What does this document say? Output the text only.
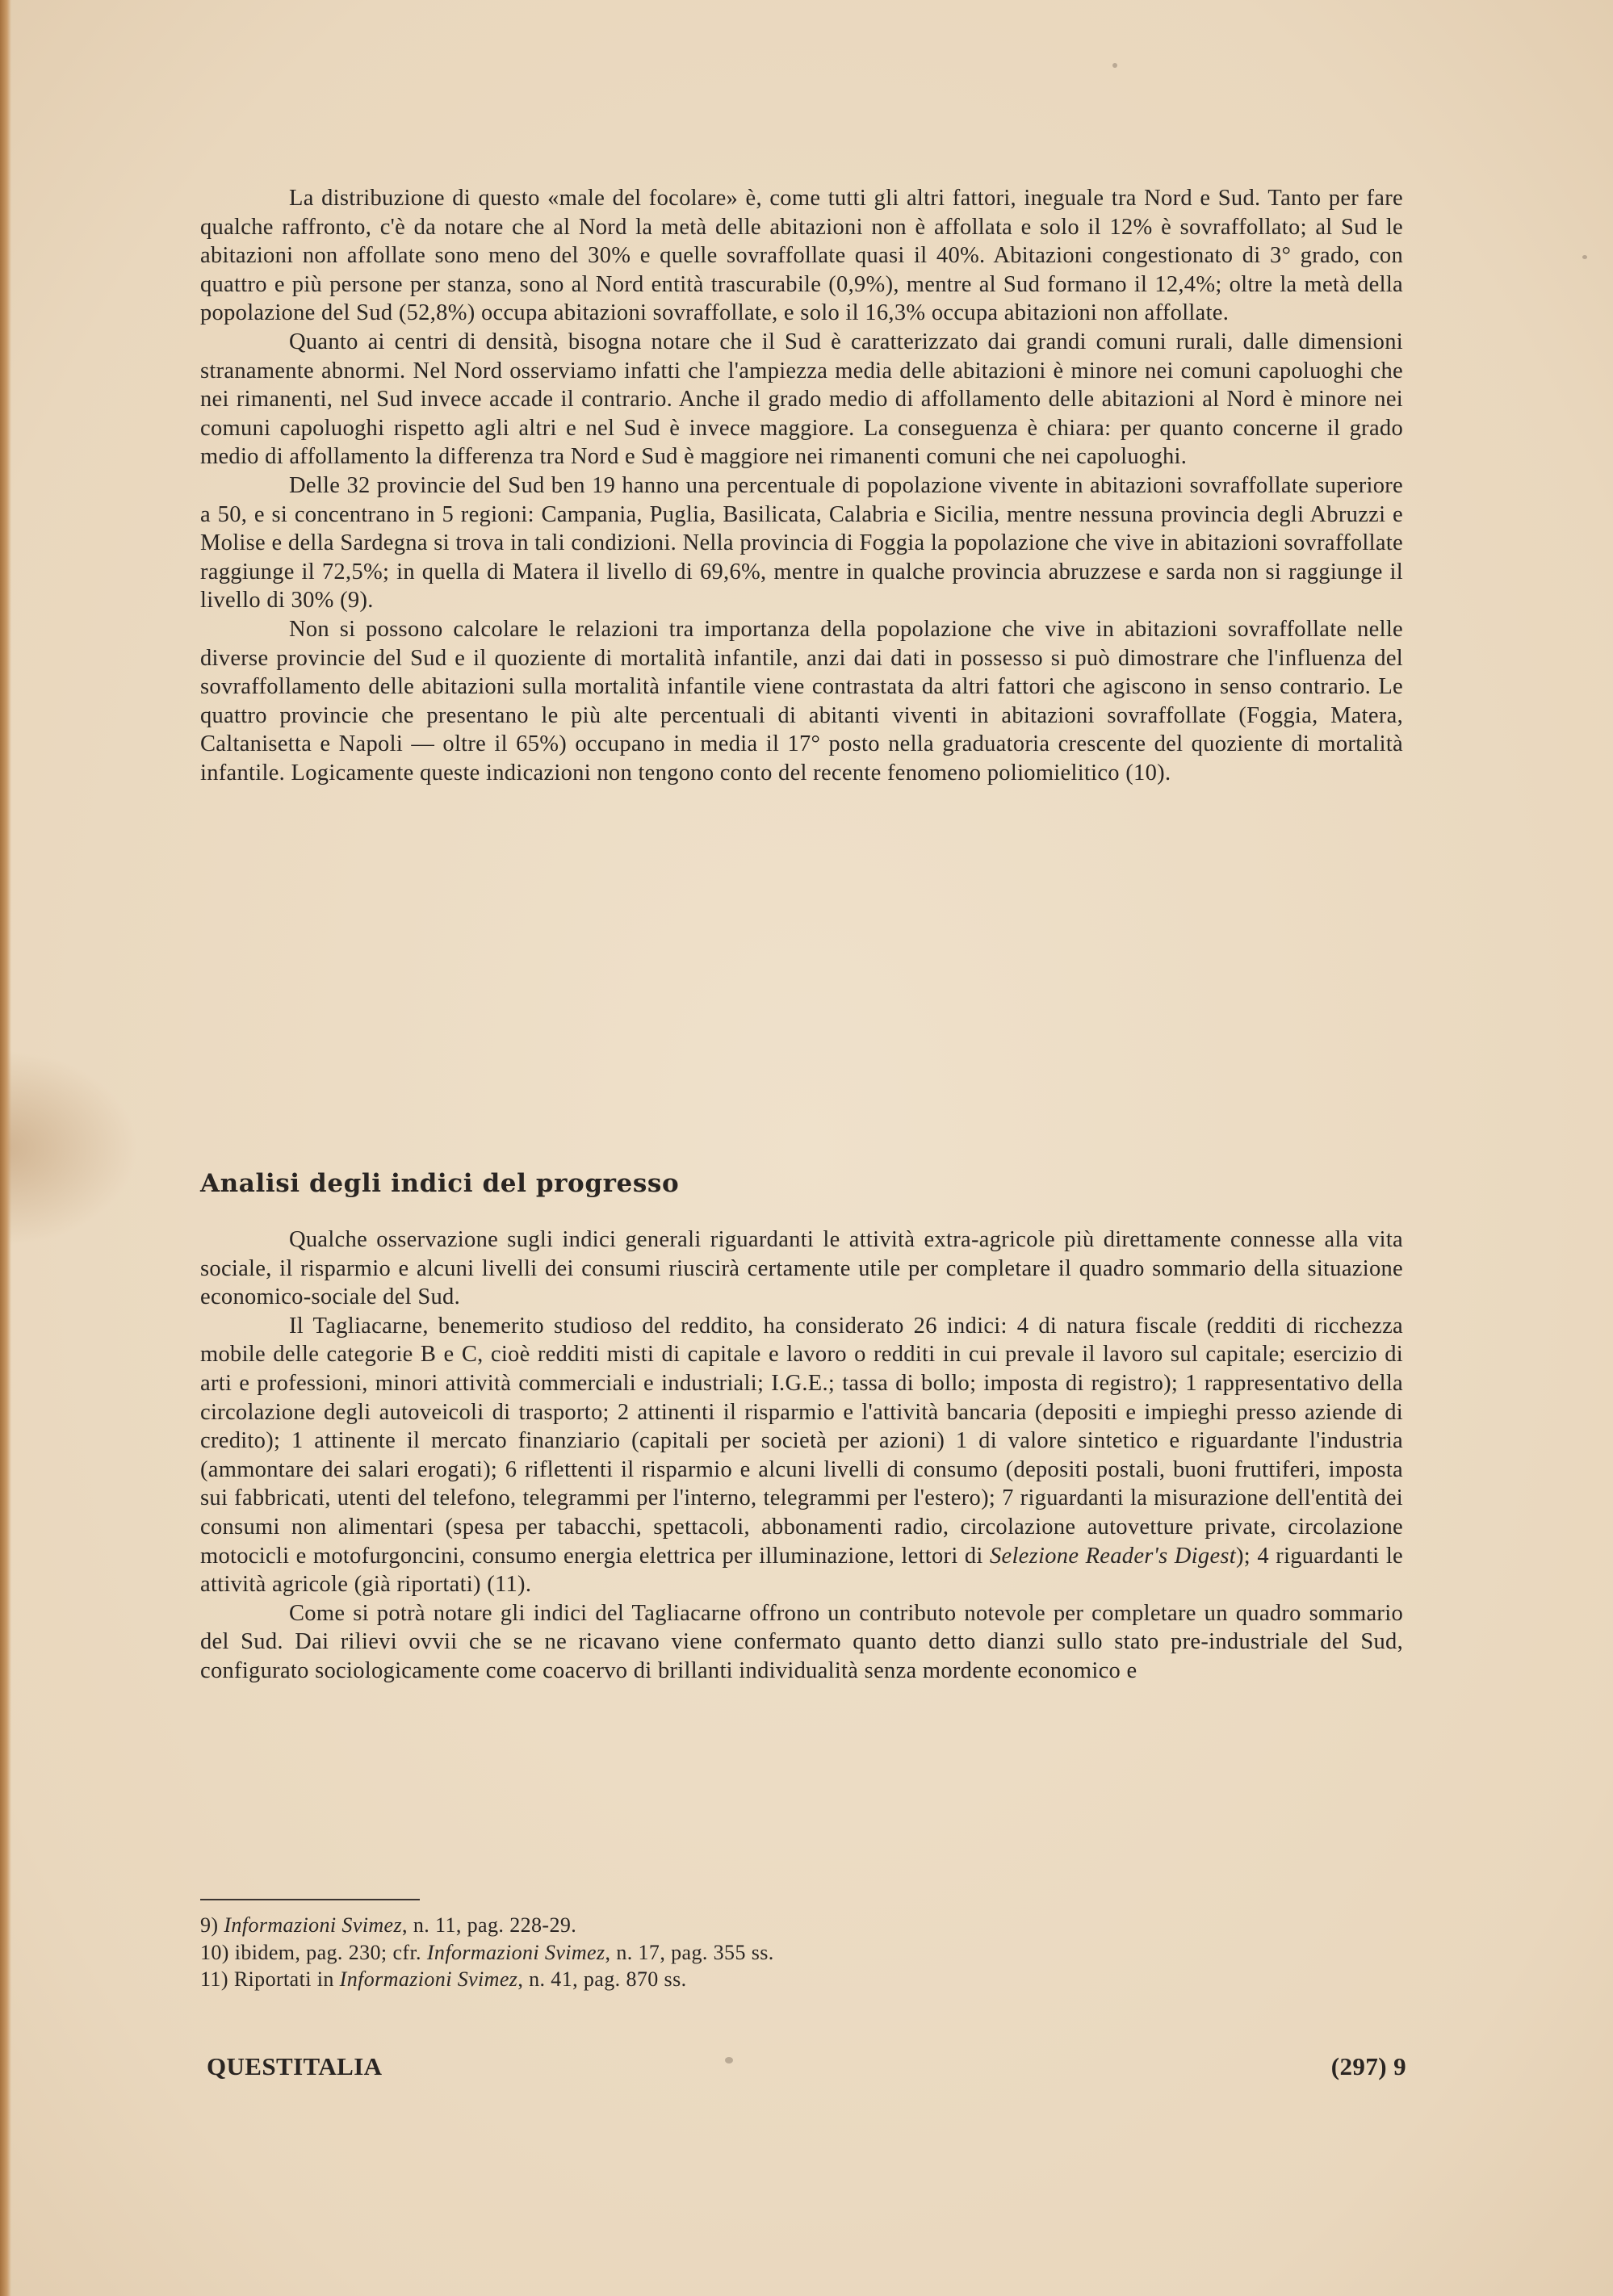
La distribuzione di questo «male del focolare» è, come tutti gli altri fattori, ineguale tra Nord e Sud. Tanto per fare qualche raffronto, c'è da notare che al Nord la metà delle abitazioni non è affollata e solo il 12% è sovraffollato; al Sud le abitazioni non affollate sono meno del 30% e quelle sovraffollate quasi il 40%. Abitazioni congestionato di 3° grado, con quattro e più persone per stanza, sono al Nord entità trascurabile (0,9%), mentre al Sud formano il 12,4%; oltre la metà della popolazione del Sud (52,8%) occupa abitazioni sovraffollate, e solo il 16,3% occupa abitazioni non affollate.

Quanto ai centri di densità, bisogna notare che il Sud è caratterizzato dai grandi comuni rurali, dalle dimensioni stranamente abnormi. Nel Nord osserviamo infatti che l'ampiezza media delle abitazioni è minore nei comuni capoluoghi che nei rimanenti, nel Sud invece accade il contrario. Anche il grado medio di affollamento delle abitazioni al Nord è minore nei comuni capoluoghi rispetto agli altri e nel Sud è invece maggiore. La conseguenza è chiara: per quanto concerne il grado medio di affollamento la differenza tra Nord e Sud è maggiore nei rimanenti comuni che nei capoluoghi.

Delle 32 provincie del Sud ben 19 hanno una percentuale di popolazione vivente in abitazioni sovraffollate superiore a 50, e si concentrano in 5 regioni: Campania, Puglia, Basilicata, Calabria e Sicilia, mentre nessuna provincia degli Abruzzi e Molise e della Sardegna si trova in tali condizioni. Nella provincia di Foggia la popolazione che vive in abitazioni sovraffollate raggiunge il 72,5%; in quella di Matera il livello di 69,6%, mentre in qualche provincia abruzzese e sarda non si raggiunge il livello di 30% (9).

Non si possono calcolare le relazioni tra importanza della popolazione che vive in abitazioni sovraffollate nelle diverse provincie del Sud e il quoziente di mortalità infantile, anzi dai dati in possesso si può dimostrare che l'influenza del sovraffollamento delle abitazioni sulla mortalità infantile viene contrastata da altri fattori che agiscono in senso contrario. Le quattro provincie che presentano le più alte percentuali di abitanti viventi in abitazioni sovraffollate (Foggia, Matera, Caltanisetta e Napoli — oltre il 65%) occupano in media il 17° posto nella graduatoria crescente del quoziente di mortalità infantile. Logicamente queste indicazioni non tengono conto del recente fenomeno poliomielitico (10).

Analisi degli indici del progresso

Qualche osservazione sugli indici generali riguardanti le attività extra-agricole più direttamente connesse alla vita sociale, il risparmio e alcuni livelli dei consumi riuscirà certamente utile per completare il quadro sommario della situazione economico-sociale del Sud.

Il Tagliacarne, benemerito studioso del reddito, ha considerato 26 indici: 4 di natura fiscale (redditi di ricchezza mobile delle categorie B e C, cioè redditi misti di capitale e lavoro o redditi in cui prevale il lavoro sul capitale; esercizio di arti e professioni, minori attività commerciali e industriali; I.G.E.; tassa di bollo; imposta di registro); 1 rappresentativo della circolazione degli autoveicoli di trasporto; 2 attinenti il risparmio e l'attività bancaria (depositi e impieghi presso aziende di credito); 1 attinente il mercato finanziario (capitali per società per azioni) 1 di valore sintetico e riguardante l'industria (ammontare dei salari erogati); 6 riflettenti il risparmio e alcuni livelli di consumo (depositi postali, buoni fruttiferi, imposta sui fabbricati, utenti del telefono, telegrammi per l'interno, telegrammi per l'estero); 7 riguardanti la misurazione dell'entità dei consumi non alimentari (spesa per tabacchi, spettacoli, abbonamenti radio, circolazione autovetture private, circolazione motocicli e motofurgoncini, consumo energia elettrica per illuminazione, lettori di Selezione Reader's Digest); 4 riguardanti le attività agricole (già riportati) (11).

Come si potrà notare gli indici del Tagliacarne offrono un contributo notevole per completare un quadro sommario del Sud. Dai rilievi ovvii che se ne ricavano viene confermato quanto detto dianzi sullo stato pre-industriale del Sud, configurato sociologicamente come coacervo di brillanti individualità senza mordente economico e

9) Informazioni Svimez, n. 11, pag. 228-29.
10) ibidem, pag. 230; cfr. Informazioni Svimez, n. 17, pag. 355 ss.
11) Riportati in Informazioni Svimez, n. 41, pag. 870 ss.
QUESTITALIA	(297) 9
